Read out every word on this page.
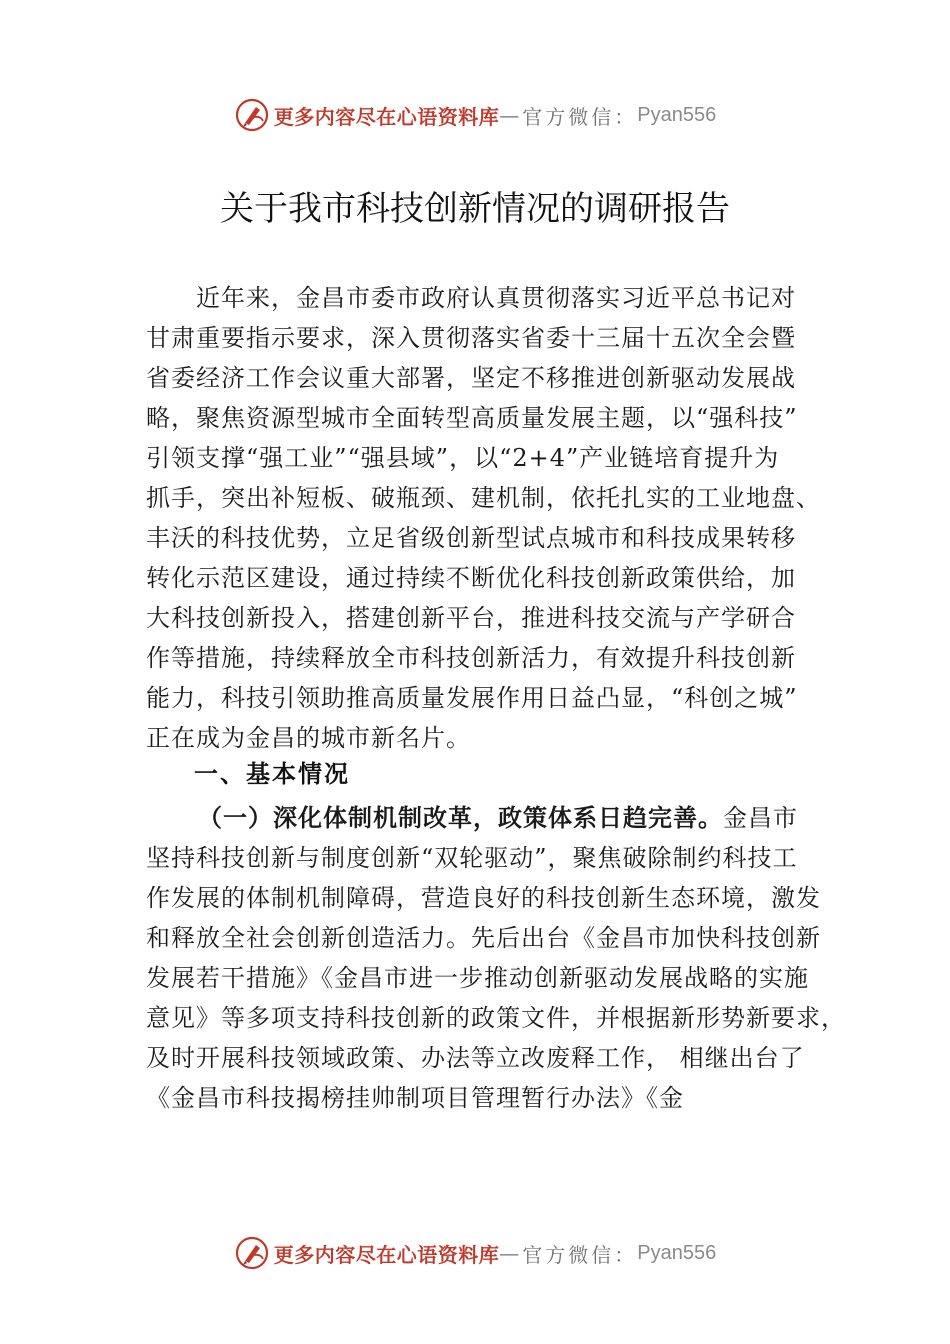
更多内容尽在心语资料库 — 官方微信： Pyan556
关于我市科技创新情况的调研报告
近年来，金昌市委市政府认真贯彻落实习近平总书记对
甘肃重要指示要求，深入贯彻落实省委十三届十五次全会暨
省委经济工作会议重大部署，坚定不移推进创新驱动发展战
略，聚焦资源型城市全面转型高质量发展主题，以“强科技”
引领支撑“强工业”“强县域”，以“2+4”产业链培育提升为
抓手，突出补短板、破瓶颈、建机制，依托扎实的工业地盘、
丰沃的科技优势，立足省级创新型试点城市和科技成果转移
转化示范区建设，通过持续不断优化科技创新政策供给，加
大科技创新投入，搭建创新平台，推进科技交流与产学研合
作等措施，持续释放全市科技创新活力，有效提升科技创新
能力，科技引领助推高质量发展作用日益凸显，“科创之城”
正在成为金昌的城市新名片。
一、基本情况
（一）深化体制机制改革，政策体系日趋完善。金昌市
坚持科技创新与制度创新“双轮驱动”，聚焦破除制约科技工
作发展的体制机制障碍，营造良好的科技创新生态环境，激发
和释放全社会创新创造活力。先后出台《金昌市加快科技创新
发展若干措施》《金昌市进一步推动创新驱动发展战略的实施
意见》等多项支持科技创新的政策文件，并根据新形势新要求，
及时开展科技领域政策、办法等立改废释工作， 相继出台了
《金昌市科技揭榜挂帅制项目管理暂行办法》《金
更多内容尽在心语资料库 — 官方微信： Pyan556
